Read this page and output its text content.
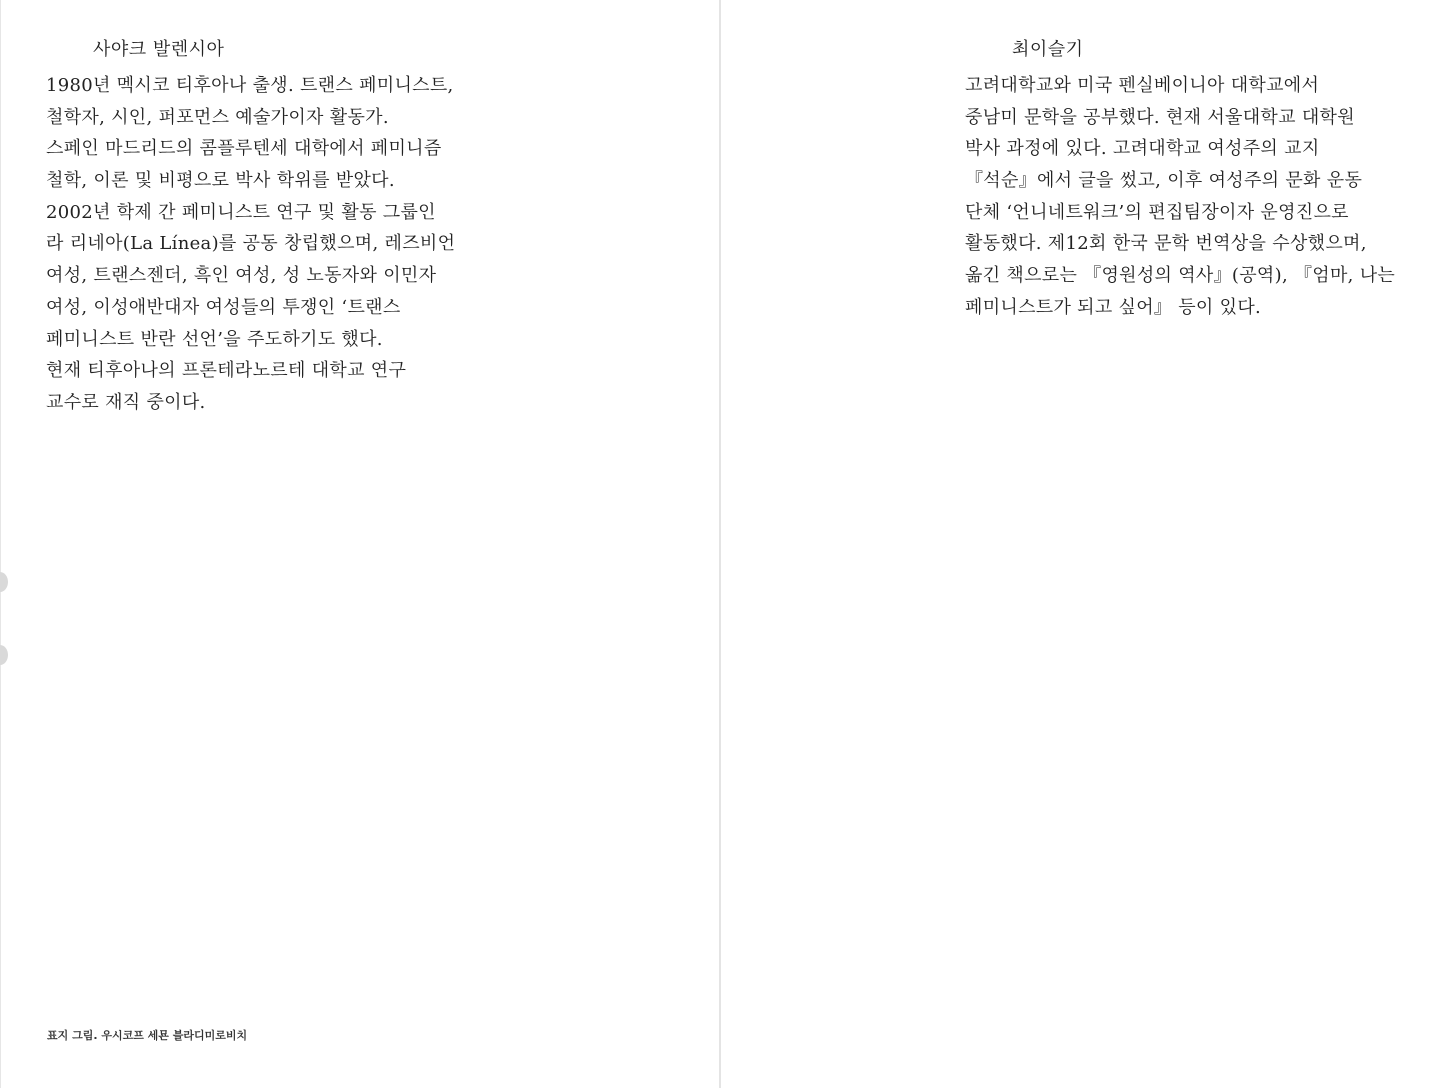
사야크 발렌시아
1980년 멕시코 티후아나 출생. 트랜스 페미니스트,
철학자, 시인, 퍼포먼스 예술가이자 활동가.
스페인 마드리드의 콤플루텐세 대학에서 페미니즘
철학, 이론 및 비평으로 박사 학위를 받았다.
2002년 학제 간 페미니스트 연구 및 활동 그룹인
라 리네아(La Línea)를 공동 창립했으며, 레즈비언
여성, 트랜스젠더, 흑인 여성, 성 노동자와 이민자
여성, 이성애반대자 여성들의 투쟁인 ‘트랜스
페미니스트 반란 선언’을 주도하기도 했다.
현재 티후아나의 프론테라노르테 대학교 연구
교수로 재직 중이다.
표지 그림. 우시코프 세묜 블라디미로비치
최이슬기
고려대학교와 미국 펜실베이니아 대학교에서
중남미 문학을 공부했다. 현재 서울대학교 대학원
박사 과정에 있다. 고려대학교 여성주의 교지
『석순』에서 글을 썼고, 이후 여성주의 문화 운동
단체 ‘언니네트워크’의 편집팀장이자 운영진으로
활동했다. 제12회 한국 문학 번역상을 수상했으며,
옮긴 책으로는 『영원성의 역사』(공역), 『엄마, 나는
페미니스트가 되고 싶어』 등이 있다.
